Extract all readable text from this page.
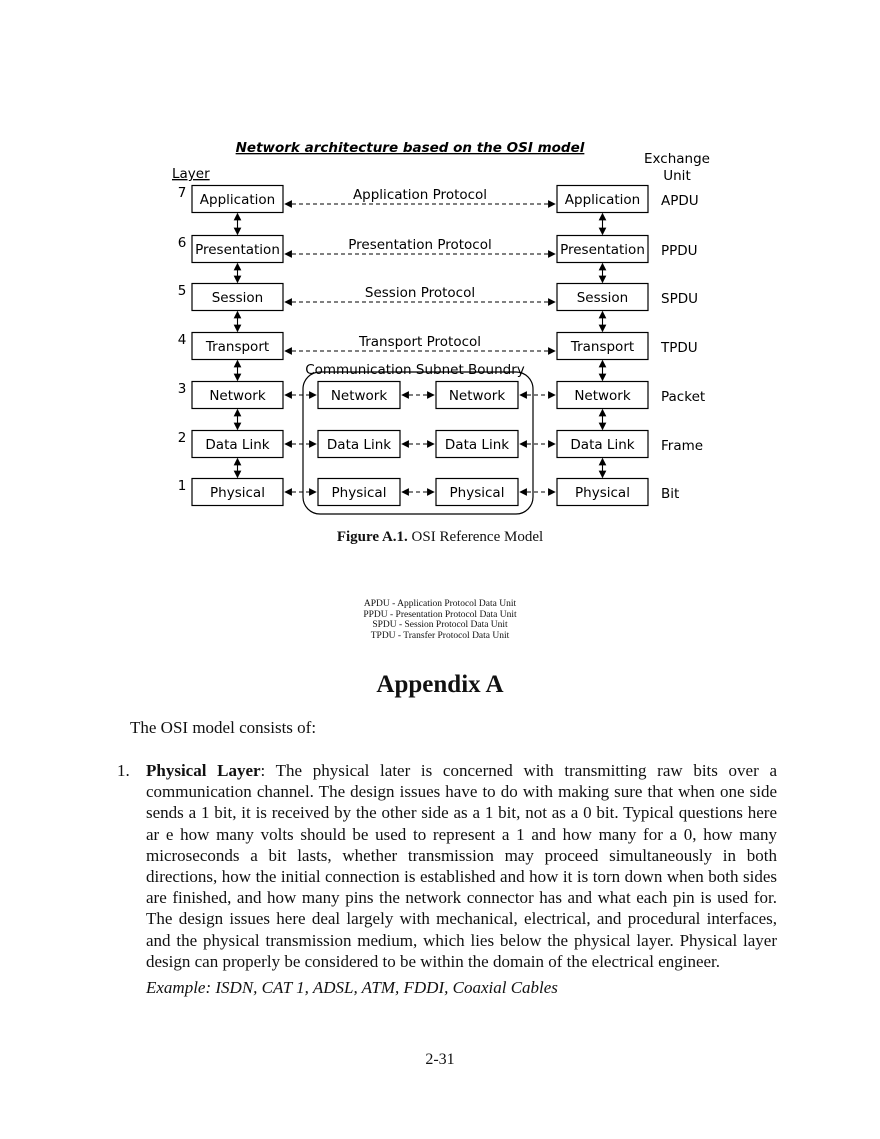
Network architecture based on the OSI model
Layer
Exchange
Unit
Communication Subnet Boundry
7 Application	Application APDU
Application Protocol
6 Presentation	Presentation PPDU
Presentation Protocol
5 Session	Session SPDU
Session Protocol
4 Transport	Transport TPDU
Transport Protocol
3 Network	Network Packet
Network	Network
2 Data Link	Data Link Frame
Data Link	Data Link
1 Physical	Physical Bit
Physical	Physical
Figure A.1. OSI Reference Model
APDU - Application Protocol Data Unit
PPDU - Presentation Protocol Data Unit
SPDU - Session Protocol Data Unit
TPDU - Transfer Protocol Data Unit
Appendix A
The OSI model consists of:
1. Physical Layer: The physical later is concerned with transmitting raw bits over a communication channel. The design issues have to do with making sure that when one side sends a 1 bit, it is received by the other side as a 1 bit, not as a 0 bit. Typical questions here ar e how many volts should be used to represent a 1 and how many for a 0, how many microseconds a bit lasts, whether transmission may proceed simultaneously in both directions, how the initial connection is established and how it is torn down when both sides are finished, and how many pins the network connector has and what each pin is used for. The design issues here deal largely with mechanical, electrical, and procedural interfaces, and the physical transmission medium, which lies below the physical layer. Physical layer design can properly be considered to be within the domain of the electrical engineer.
Example: ISDN, CAT 1, ADSL, ATM, FDDI, Coaxial Cables
2-31
